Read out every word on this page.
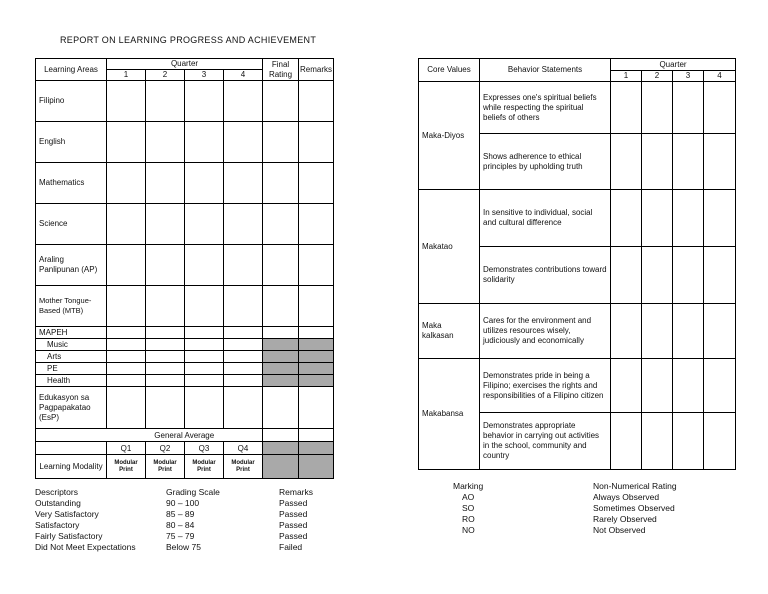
REPORT ON LEARNING PROGRESS AND ACHIEVEMENT
Learning Areas	Quarter				Final Rating	Remarks
	1	2	3	4		
Filipino						
English						
Mathematics						
Science						
Araling Panlipunan (AP)						
Mother Tongue-Based (MTB)						
MAPEH						
Music						
Arts						
PE						
Health						
Edukasyon sa Pagpapakatao (EsP)						
	General Average					
	Q1	Q2	Q3	Q4		
Learning Modality	Modular Print	Modular Print	Modular Print	Modular Print		
Descriptors	Grading Scale	Remarks
Outstanding	90 – 100	Passed
Very Satisfactory	85 – 89	Passed
Satisfactory	80 – 84	Passed
Fairly Satisfactory	75 – 79	Passed
Did Not Meet Expectations	Below 75	Failed
Core Values	Behavior Statements	Quarter			
		1	2	3	4
Maka-Diyos	Expresses one's spiritual beliefs while respecting the spiritual beliefs of others				
	Shows adherence to ethical principles by upholding truth				
Makatao	In sensitive to individual, social and cultural difference				
	Demonstrates contributions toward solidarity				
Maka kalkasan	Cares for the environment and utilizes resources wisely, judiciously and economically				
Makabansa	Demonstrates pride in being a Filipino; exercises the rights and responsibilities of a Filipino citizen				
	Demonstrates appropriate behavior in carrying out activities in the school, community and country				
Marking	Non-Numerical Rating
AO	Always Observed
SO	Sometimes Observed
RO	Rarely Observed
NO	Not Observed
